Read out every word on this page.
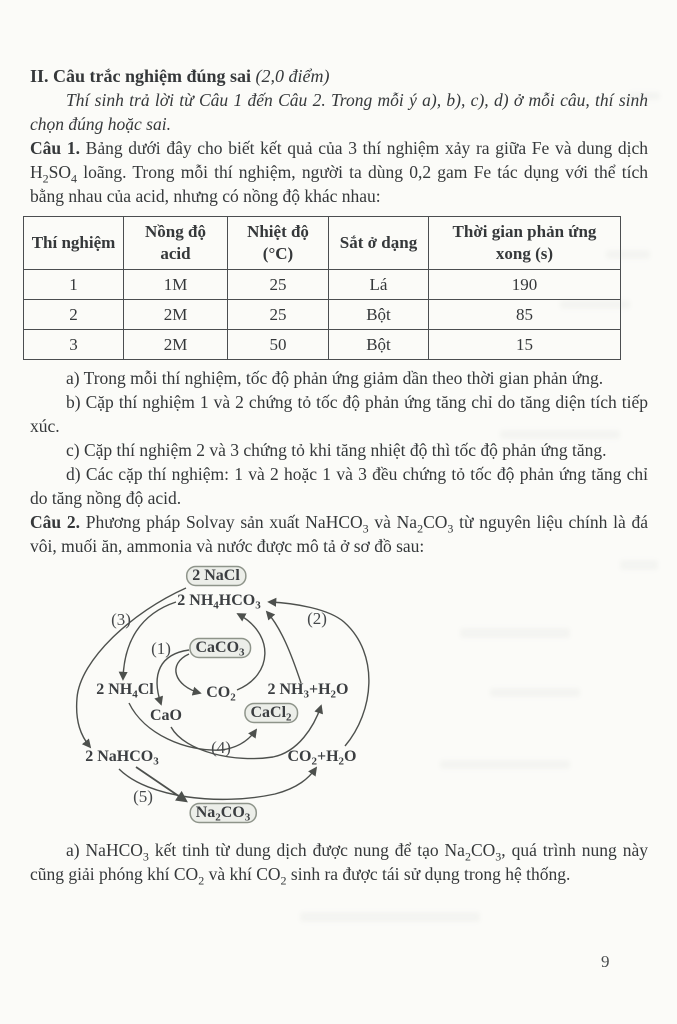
II. Câu trắc nghiệm đúng sai (2,0 điểm)

Thí sinh trả lời từ Câu 1 đến Câu 2. Trong mỗi ý a), b), c), d) ở mỗi câu, thí sinh chọn đúng hoặc sai.

Câu 1. Bảng dưới đây cho biết kết quả của 3 thí nghiệm xảy ra giữa Fe và dung dịch $H_2SO_4$ loãng. Trong mỗi thí nghiệm, người ta dùng 0,2 gam Fe tác dụng với thể tích bằng nhau của acid, nhưng có nồng độ khác nhau:

Thí nghiệm	Nồng độ acid	Nhiệt độ (°C)	Sắt ở dạng	Thời gian phản ứng xong (s)
1	1M	25	Lá	190
2	2M	25	Bột	85
3	2M	50	Bột	15

a) Trong mỗi thí nghiệm, tốc độ phản ứng giảm dần theo thời gian phản ứng.

b) Cặp thí nghiệm 1 và 2 chứng tỏ tốc độ phản ứng tăng chỉ do tăng diện tích tiếp xúc.

c) Cặp thí nghiệm 2 và 3 chứng tỏ khi tăng nhiệt độ thì tốc độ phản ứng tăng.

d) Các cặp thí nghiệm: 1 và 2 hoặc 1 và 3 đều chứng tỏ tốc độ phản ứng tăng chỉ do tăng nồng độ acid.

Câu 2. Phương pháp Solvay sản xuất NaHCO$_3$ và $Na_2CO_3$ từ nguyên liệu chính là đá vôi, muối ăn, ammonia và nước được mô tả ở sơ đồ sau:

2 NaCl
2 $NH_4HCO_3$
CaCO$_3$
2 $NH_4Cl$	$CO_2$ 2 $NH_3+H_2O$
CaO	CaCl$_2$
2 NaHCO$_3$	$CO_2+H_2O$
$Na_2CO_3$
(1)
(2)
(3)
(4)
(5)

a) NaHCO$_3$ kết tinh từ dung dịch được nung để tạo $Na_2CO_3$, quá trình nung này cũng giải phóng khí $CO_2$ và khí $CO_2$ sinh ra được tái sử dụng trong hệ thống.

9
